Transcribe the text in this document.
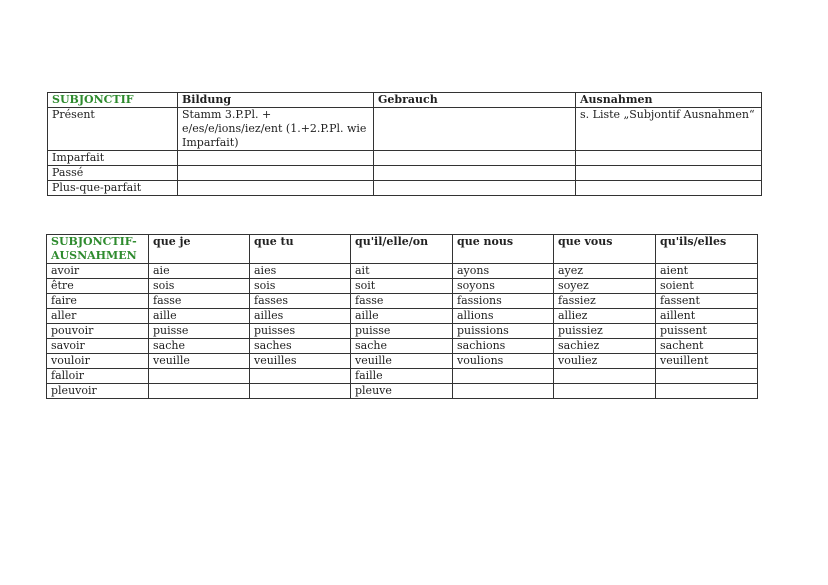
SUBJONCTIF	Bildung	Gebrauch	Ausnahmen
Présent	Stamm 3.P.Pl. + e/es/e/ions/iez/ent (1.+2.P.Pl. wie Imparfait)		s. Liste „Subjontif Ausnahmen“
Imparfait			
Passé			
Plus-que-parfait			
SUBJONCTIF-AUSNAHMEN	que je	que tu	qu'il/elle/on	que nous	que vous	qu'ils/elles
avoir	aie	aies	ait	ayons	ayez	aient
être	sois	sois	soit	soyons	soyez	soient
faire	fasse	fasses	fasse	fassions	fassiez	fassent
aller	aille	ailles	aille	allions	alliez	aillent
pouvoir	puisse	puisses	puisse	puissions	puissiez	puissent
savoir	sache	saches	sache	sachions	sachiez	sachent
vouloir	veuille	veuilles	veuille	voulions	vouliez	veuillent
falloir			faille			
pleuvoir			pleuve			
